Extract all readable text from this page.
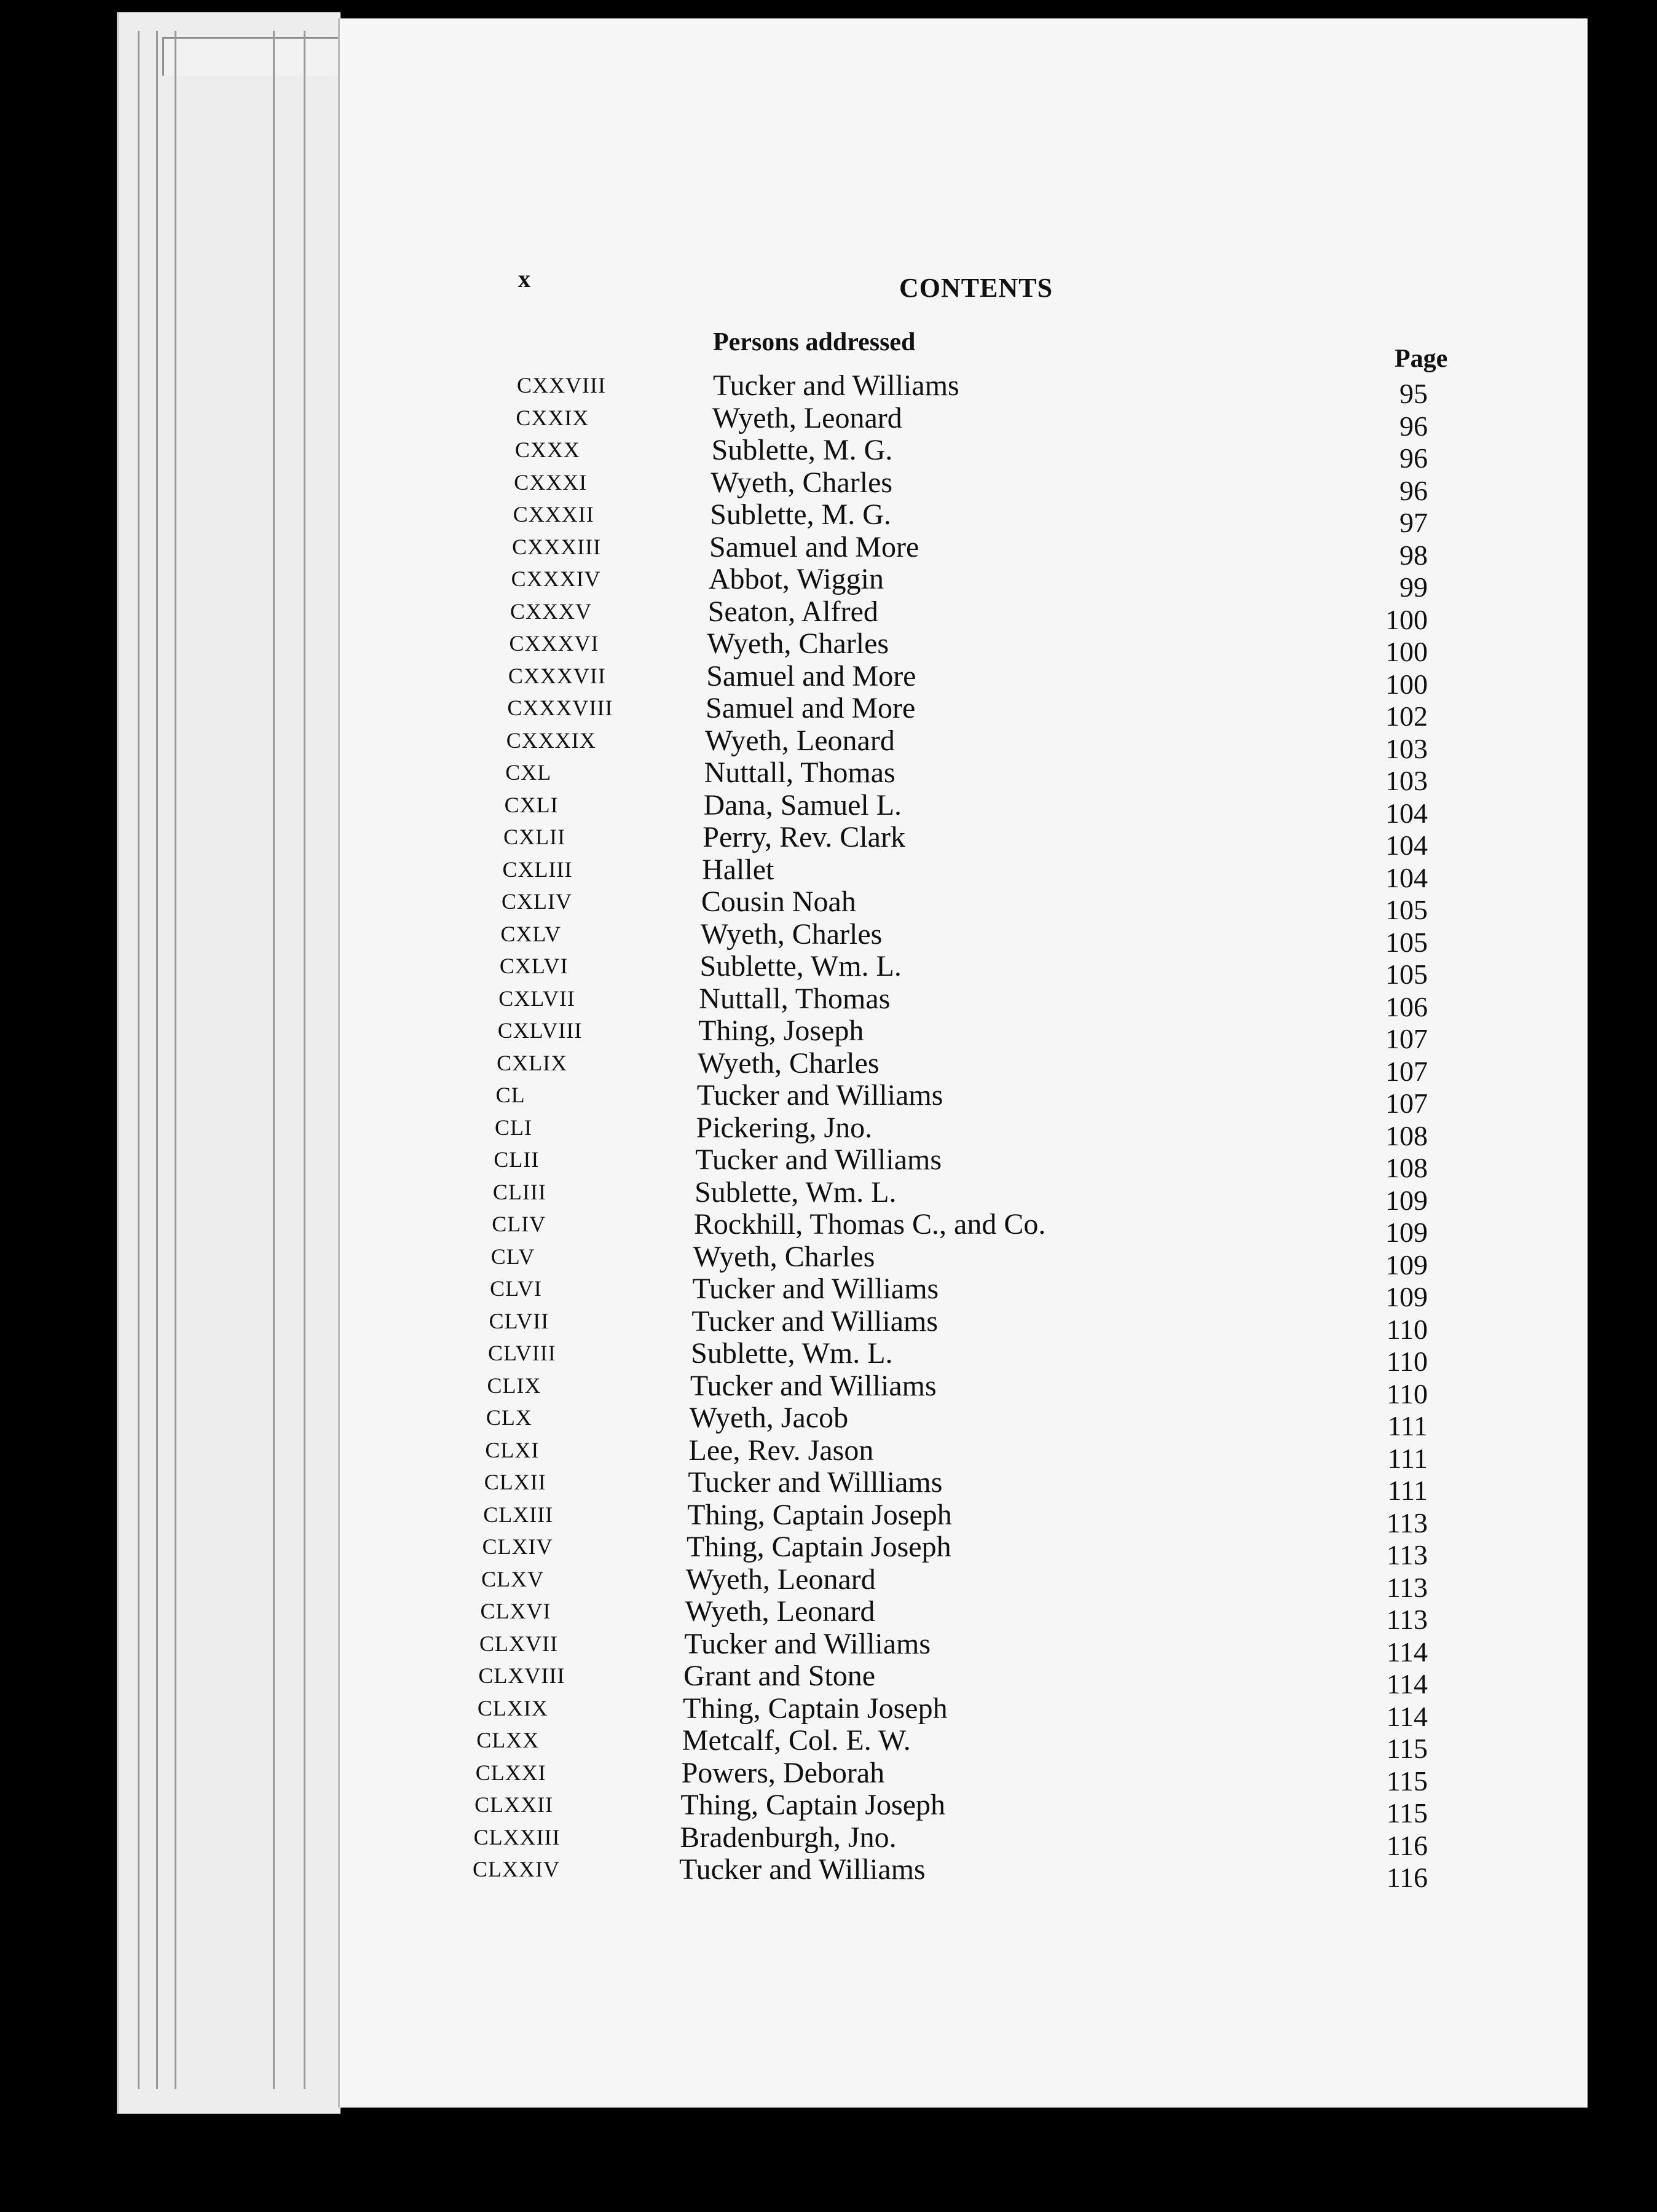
x	CONTENTS
Persons addressed
Page
CXXVIII	Tucker and Williams	95
CXXIX	Wyeth, Leonard	96
CXXX	Sublette, M. G.	96
CXXXI	Wyeth, Charles	96
CXXXII	Sublette, M. G.	97
CXXXIII	Samuel and More	98
CXXXIV	Abbot, Wiggin	99
CXXXV	Seaton, Alfred	100
CXXXVI	Wyeth, Charles	100
CXXXVII	Samuel and More	100
CXXXVIII	Samuel and More	102
CXXXIX	Wyeth, Leonard	103
CXL	Nuttall, Thomas	103
CXLI	Dana, Samuel L.	104
CXLII	Perry, Rev. Clark	104
CXLIII	Hallet	104
CXLIV	Cousin Noah	105
CXLV	Wyeth, Charles	105
CXLVI	Sublette, Wm. L.	105
CXLVII	Nuttall, Thomas	106
CXLVIII	Thing, Joseph	107
CXLIX	Wyeth, Charles	107
CL	Tucker and Williams	107
CLI	Pickering, Jno.	108
CLII	Tucker and Williams	108
CLIII	Sublette, Wm. L.	109
CLIV	Rockhill, Thomas C., and Co.	109
CLV	Wyeth, Charles	109
CLVI	Tucker and Williams	109
CLVII	Tucker and Williams	110
CLVIII	Sublette, Wm. L.	110
CLIX	Tucker and Williams	110
CLX	Wyeth, Jacob	111
CLXI	Lee, Rev. Jason	111
CLXII	Tucker and Willliams	111
CLXIII	Thing, Captain Joseph	113
CLXIV	Thing, Captain Joseph	113
CLXV	Wyeth, Leonard	113
CLXVI	Wyeth, Leonard	113
CLXVII	Tucker and Williams	114
CLXVIII	Grant and Stone	114
CLXIX	Thing, Captain Joseph	114
CLXX	Metcalf, Col. E. W.	115
CLXXI	Powers, Deborah	115
CLXXII	Thing, Captain Joseph	115
CLXXIII	Bradenburgh, Jno.	116
CLXXIV	Tucker and Williams	116
